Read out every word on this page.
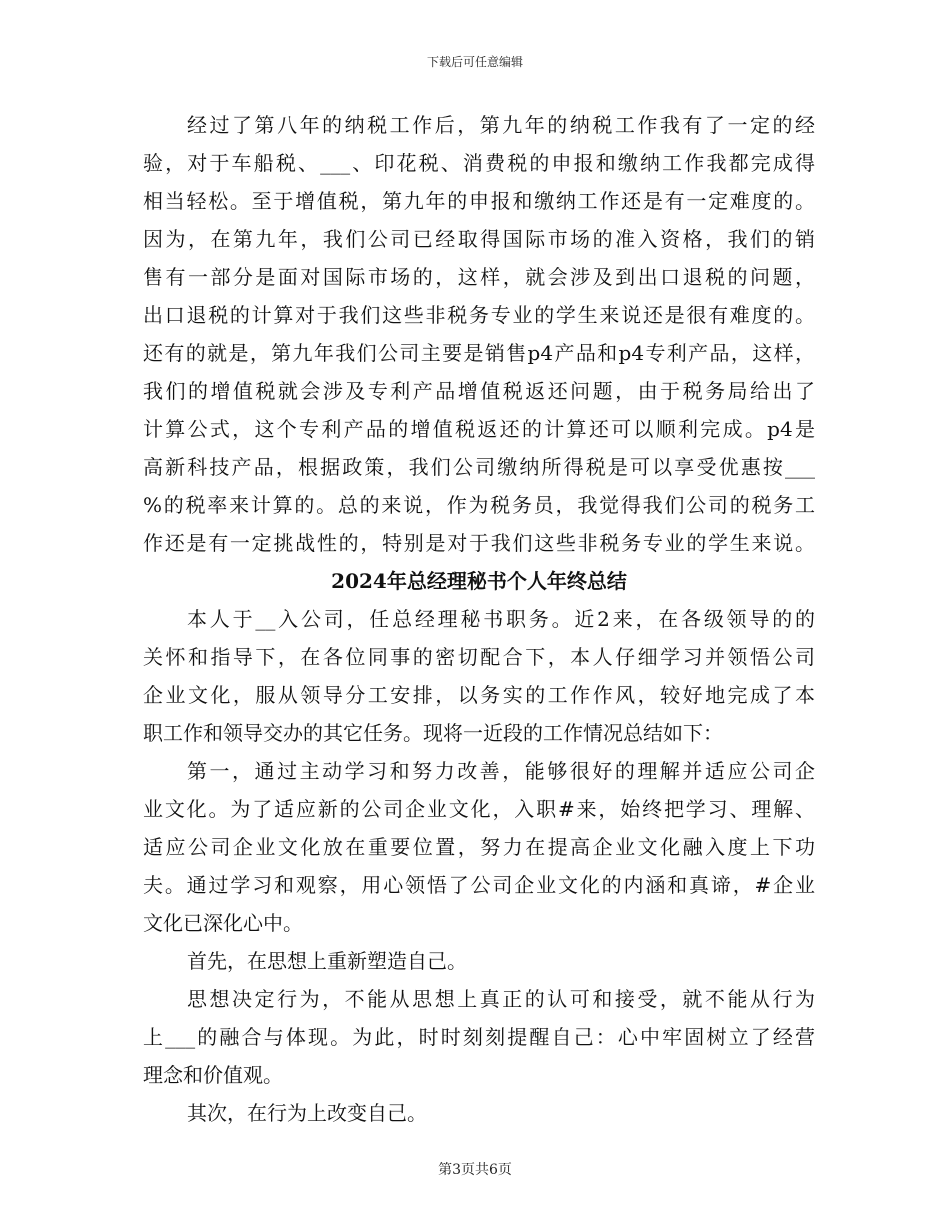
下载后可任意编辑
经过了第八年的纳税工作后，第九年的纳税工作我有了一定的经
验，对于车船税、___、印花税、消费税的申报和缴纳工作我都完成得
相当轻松。至于增值税，第九年的申报和缴纳工作还是有一定难度的。
因为，在第九年，我们公司已经取得国际市场的准入资格，我们的销
售有一部分是面对国际市场的，这样，就会涉及到出口退税的问题，
出口退税的计算对于我们这些非税务专业的学生来说还是很有难度的。
还有的就是，第九年我们公司主要是销售p4产品和p4专利产品，这样，
我们的增值税就会涉及专利产品增值税返还问题，由于税务局给出了
计算公式，这个专利产品的增值税返还的计算还可以顺利完成。p4是
高新科技产品，根据政策，我们公司缴纳所得税是可以享受优惠按___
%的税率来计算的。总的来说，作为税务员，我觉得我们公司的税务工
作还是有一定挑战性的，特别是对于我们这些非税务专业的学生来说。
2024年总经理秘书个人年终总结
本人于__入公司，任总经理秘书职务。近2来，在各级领导的的
关怀和指导下，在各位同事的密切配合下，本人仔细学习并领悟公司
企业文化，服从领导分工安排，以务实的工作作风，较好地完成了本
职工作和领导交办的其它任务。现将一近段的工作情况总结如下：
第一，通过主动学习和努力改善，能够很好的理解并适应公司企
业文化。为了适应新的公司企业文化，入职#来，始终把学习、理解、
适应公司企业文化放在重要位置，努力在提高企业文化融入度上下功
夫。通过学习和观察，用心领悟了公司企业文化的内涵和真谛，#企业
文化已深化心中。
首先，在思想上重新塑造自己。
思想决定行为，不能从思想上真正的认可和接受，就不能从行为
上___的融合与体现。为此，时时刻刻提醒自己：心中牢固树立了经营
理念和价值观。
其次，在行为上改变自己。
第3页共6页
